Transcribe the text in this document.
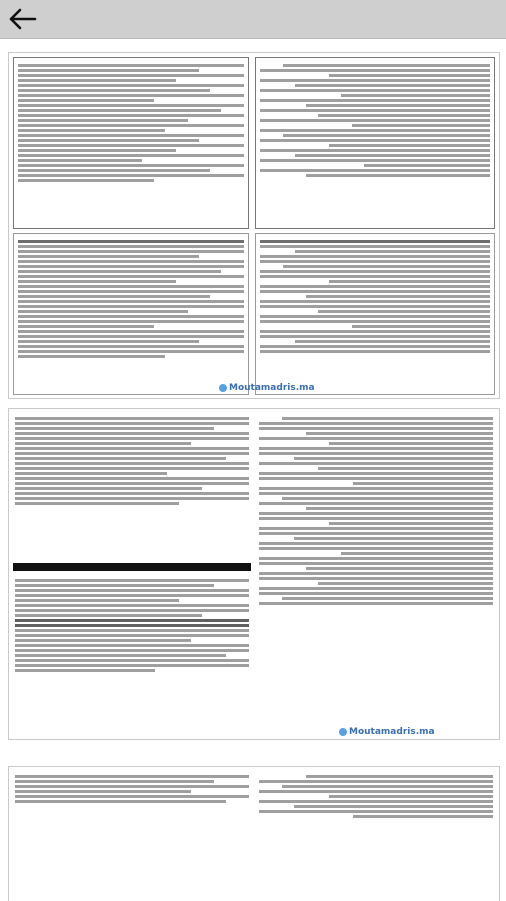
Moutamadris.ma
Moutamadris.ma
